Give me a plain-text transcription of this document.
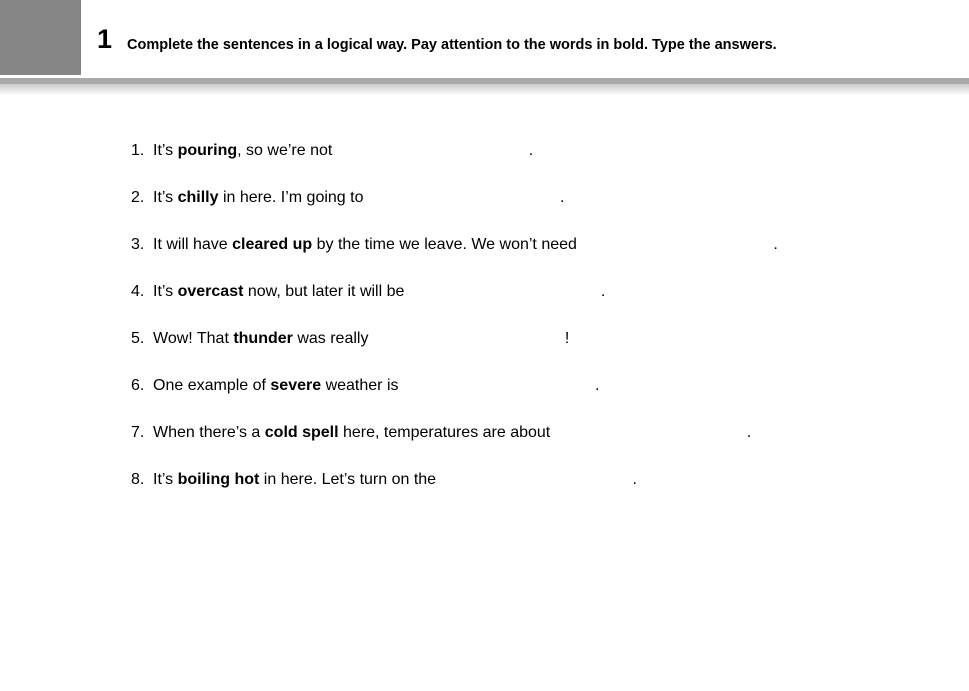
1 Complete the sentences in a logical way. Pay attention to the words in bold. Type the answers.
1. It’s pouring, so we’re not	.
2. It’s chilly in here. I’m going to	.
3. It will have cleared up by the time we leave. We won’t need	.
4. It’s overcast now, but later it will be	.
5. Wow! That thunder was really	!
6. One example of severe weather is	.
7. When there’s a cold spell here, temperatures are about	.
8. It’s boiling hot in here. Let’s turn on the	.
